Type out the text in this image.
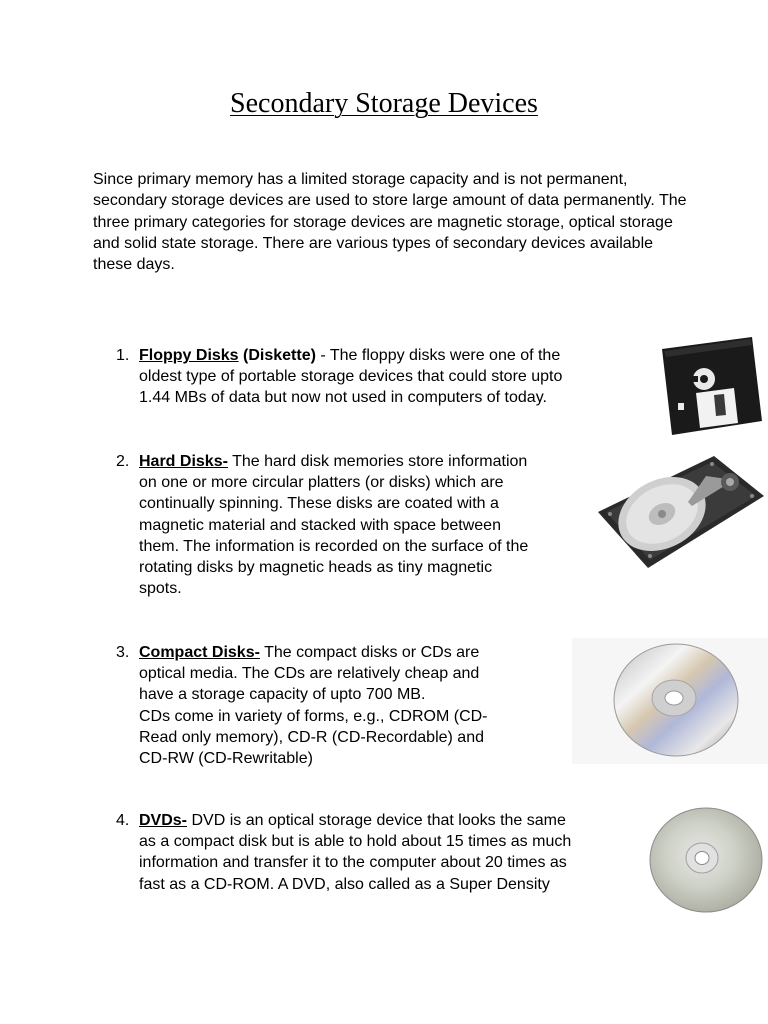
Secondary Storage Devices

Since primary memory has a limited storage capacity and is not permanent, secondary storage devices are used to store large amount of data permanently. The three primary categories for storage devices are magnetic storage, optical storage and solid state storage. There are various types of secondary devices available these days.

1. Floppy Disks (Diskette) - The floppy disks were one of the
oldest type of portable storage devices that could store upto
1.44 MBs of data but now not used in computers of today.
2. Hard Disks- The hard disk memories store information
on one or more circular platters (or disks) which are
continually spinning. These disks are coated with a
magnetic material and stacked with space between
them. The information is recorded on the surface of the
rotating disks by magnetic heads as tiny magnetic
spots.
3. Compact Disks- The compact disks or CDs are
optical media. The CDs are relatively cheap and
have a storage capacity of upto 700 MB.
CDs come in variety of forms, e.g., CDROM (CD-
Read only memory), CD-R (CD-Recordable) and
CD-RW (CD-Rewritable)
4. DVDs- DVD is an optical storage device that looks the same
as a compact disk but is able to hold about 15 times as much
information and transfer it to the computer about 20 times as
fast as a CD-ROM. A DVD, also called as a Super Density
